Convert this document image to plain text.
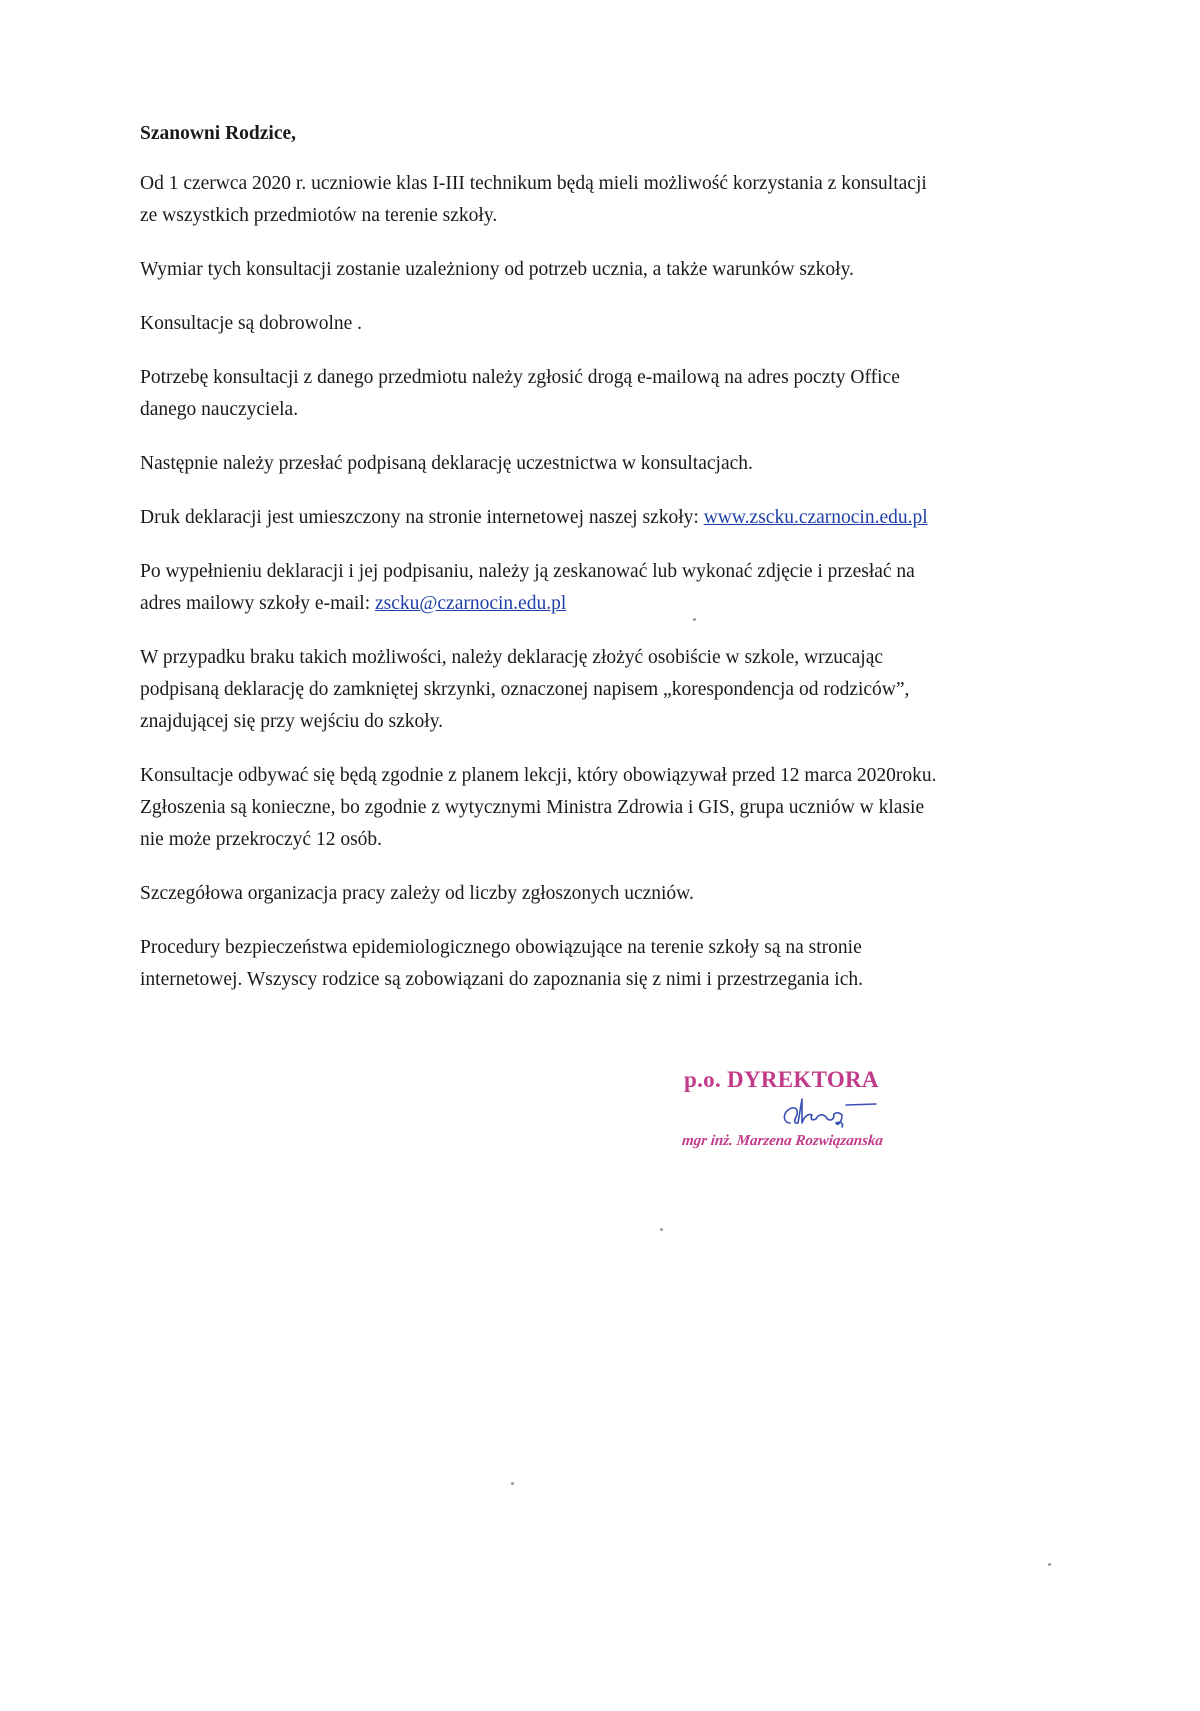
Szanowni Rodzice,

Od 1 czerwca 2020 r. uczniowie klas I-III technikum będą mieli możliwość korzystania z konsultacji
ze wszystkich przedmiotów na terenie szkoły.

Wymiar tych konsultacji zostanie uzależniony od potrzeb ucznia, a także warunków szkoły.

Konsultacje są dobrowolne .

Potrzebę konsultacji z danego przedmiotu należy zgłosić drogą e-mailową na adres poczty Office
danego nauczyciela.

Następnie należy przesłać podpisaną deklarację uczestnictwa w konsultacjach.

Druk deklaracji jest umieszczony na stronie internetowej naszej szkoły: www.zscku.czarnocin.edu.pl

Po wypełnieniu deklaracji i jej podpisaniu, należy ją zeskanować lub wykonać zdjęcie i przesłać na
adres mailowy szkoły e-mail: zscku@czarnocin.edu.pl

W przypadku braku takich możliwości, należy deklarację złożyć osobiście w szkole, wrzucając
podpisaną deklarację do zamkniętej skrzynki, oznaczonej napisem „korespondencja od rodziców”,
znajdującej się przy wejściu do szkoły.

Konsultacje odbywać się będą zgodnie z planem lekcji, który obowiązywał przed 12 marca 2020roku.
Zgłoszenia są konieczne, bo zgodnie z wytycznymi Ministra Zdrowia i GIS, grupa uczniów w klasie
nie może przekroczyć 12 osób.

Szczegółowa organizacja pracy zależy od liczby zgłoszonych uczniów.

Procedury bezpieczeństwa epidemiologicznego obowiązujące na terenie szkoły są na stronie
internetowej. Wszyscy rodzice są zobowiązani do zapoznania się z nimi i przestrzegania ich.

p.o. DYREKTORA
mgr inż. Marzena Rozwiązanska
